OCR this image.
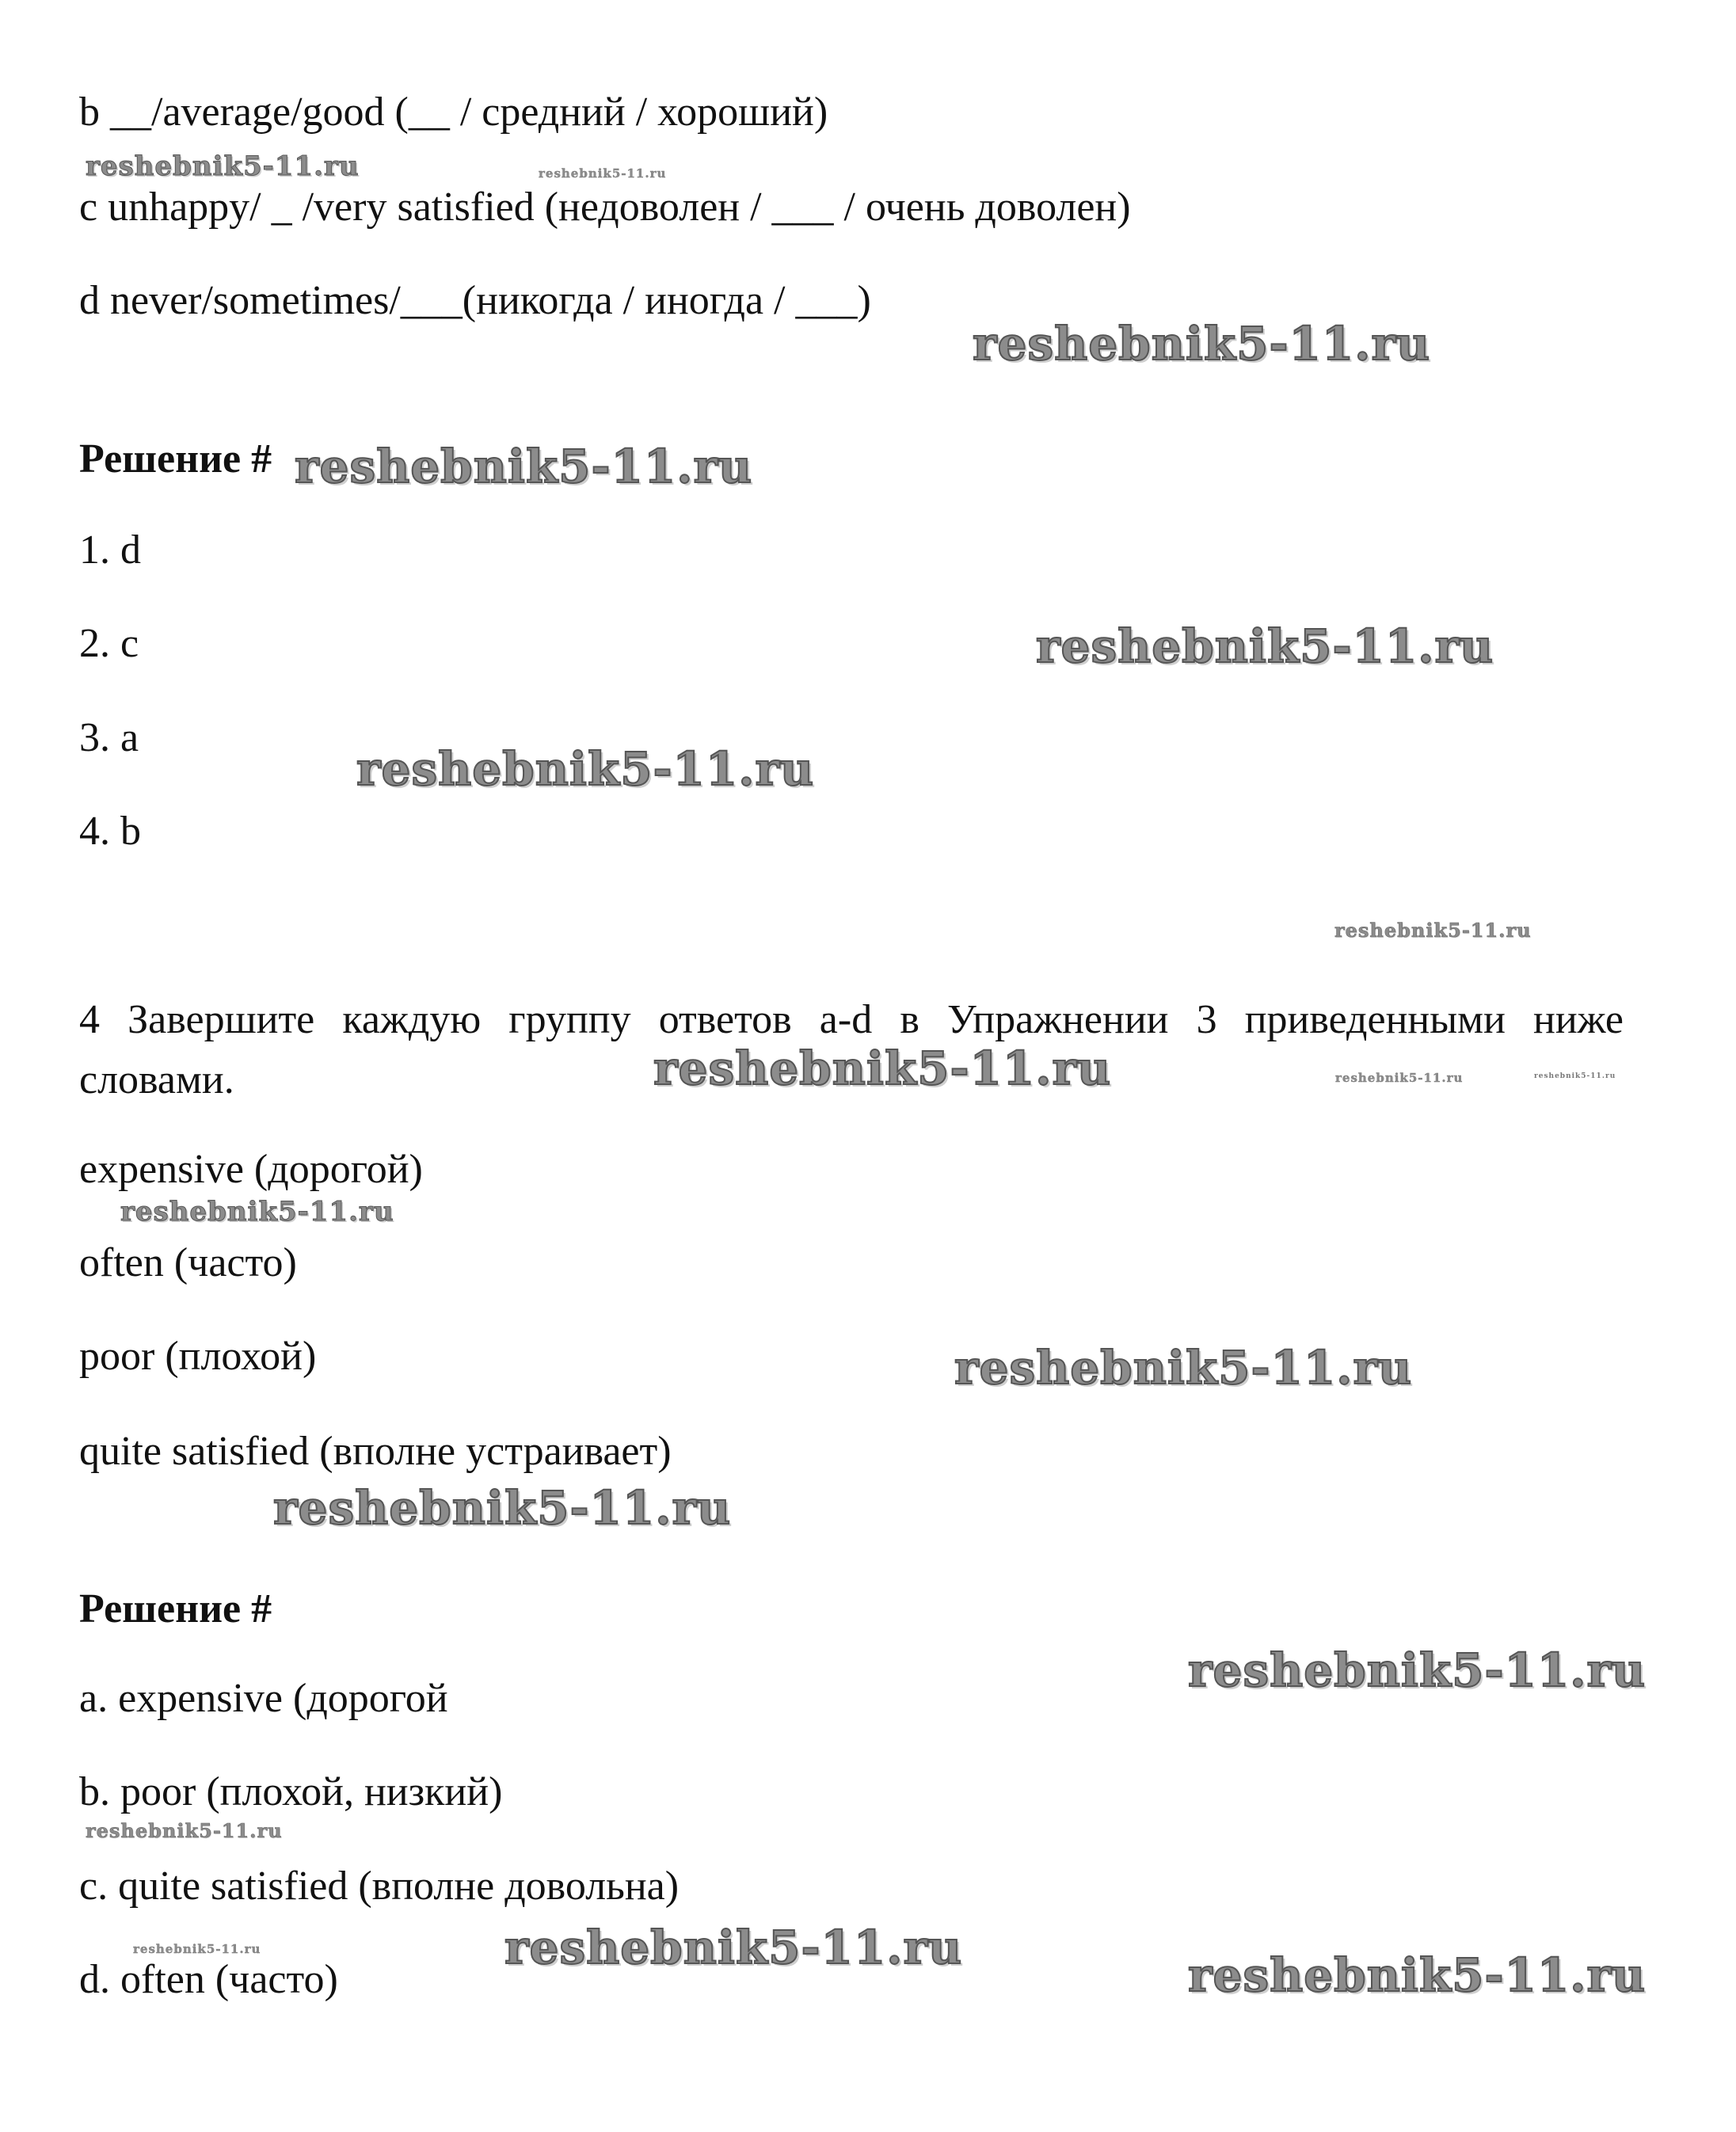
b __/average/good (__ / средний / хороший)
c unhappy/ _ /very satisfied (недоволен / ___ / очень доволен)
d never/sometimes/___(никогда / иногда / ___)
Решение #
1. d
2. c
3. a
4. b
4 Завершите каждую группу ответов a-d в Упражнении 3 приведенными ниже словами.
expensive (дорогой)
often (часто)
poor (плохой)
quite satisfied (вполне устраивает)
Решение #
a. expensive (дорогой
b. poor (плохой, низкий)
c. quite satisfied (вполне довольна)
d. often (часто)
reshebnik5-11.ru	reshebnik5-11.ru
reshebnik5-11.ru
reshebnik5-11.ru
reshebnik5-11.ru
reshebnik5-11.ru
reshebnik5-11.ru
reshebnik5-11.ru	reshebnik5-11.ru	reshebnik5-11.ru
reshebnik5-11.ru
reshebnik5-11.ru
reshebnik5-11.ru
reshebnik5-11.ru
reshebnik5-11.ru
reshebnik5-11.ru
reshebnik5-11.ru	reshebnik5-11.ru
